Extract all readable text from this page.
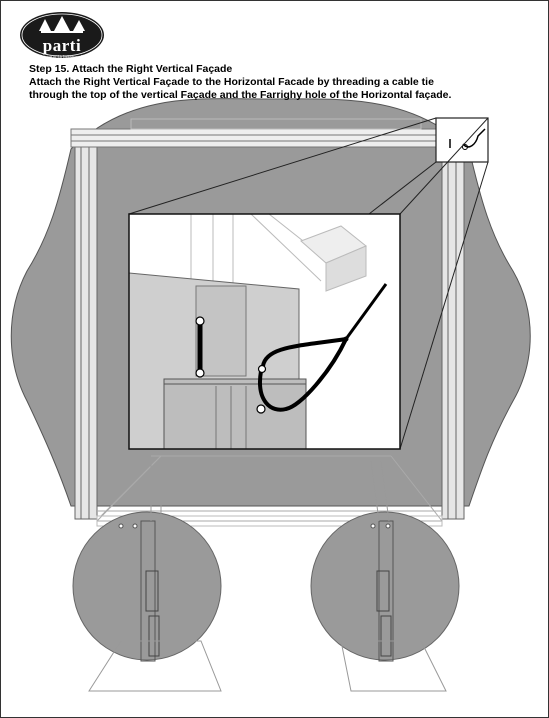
parti
a division of Lit Industries, Ltd.
Step 15. Attach the Right Vertical Façade
Attach the Right Vertical Façade to the Horizontal Facade by threading a cable tie
through the top of the vertical Façade and the Farrighy hole of the Horizontal façade.
